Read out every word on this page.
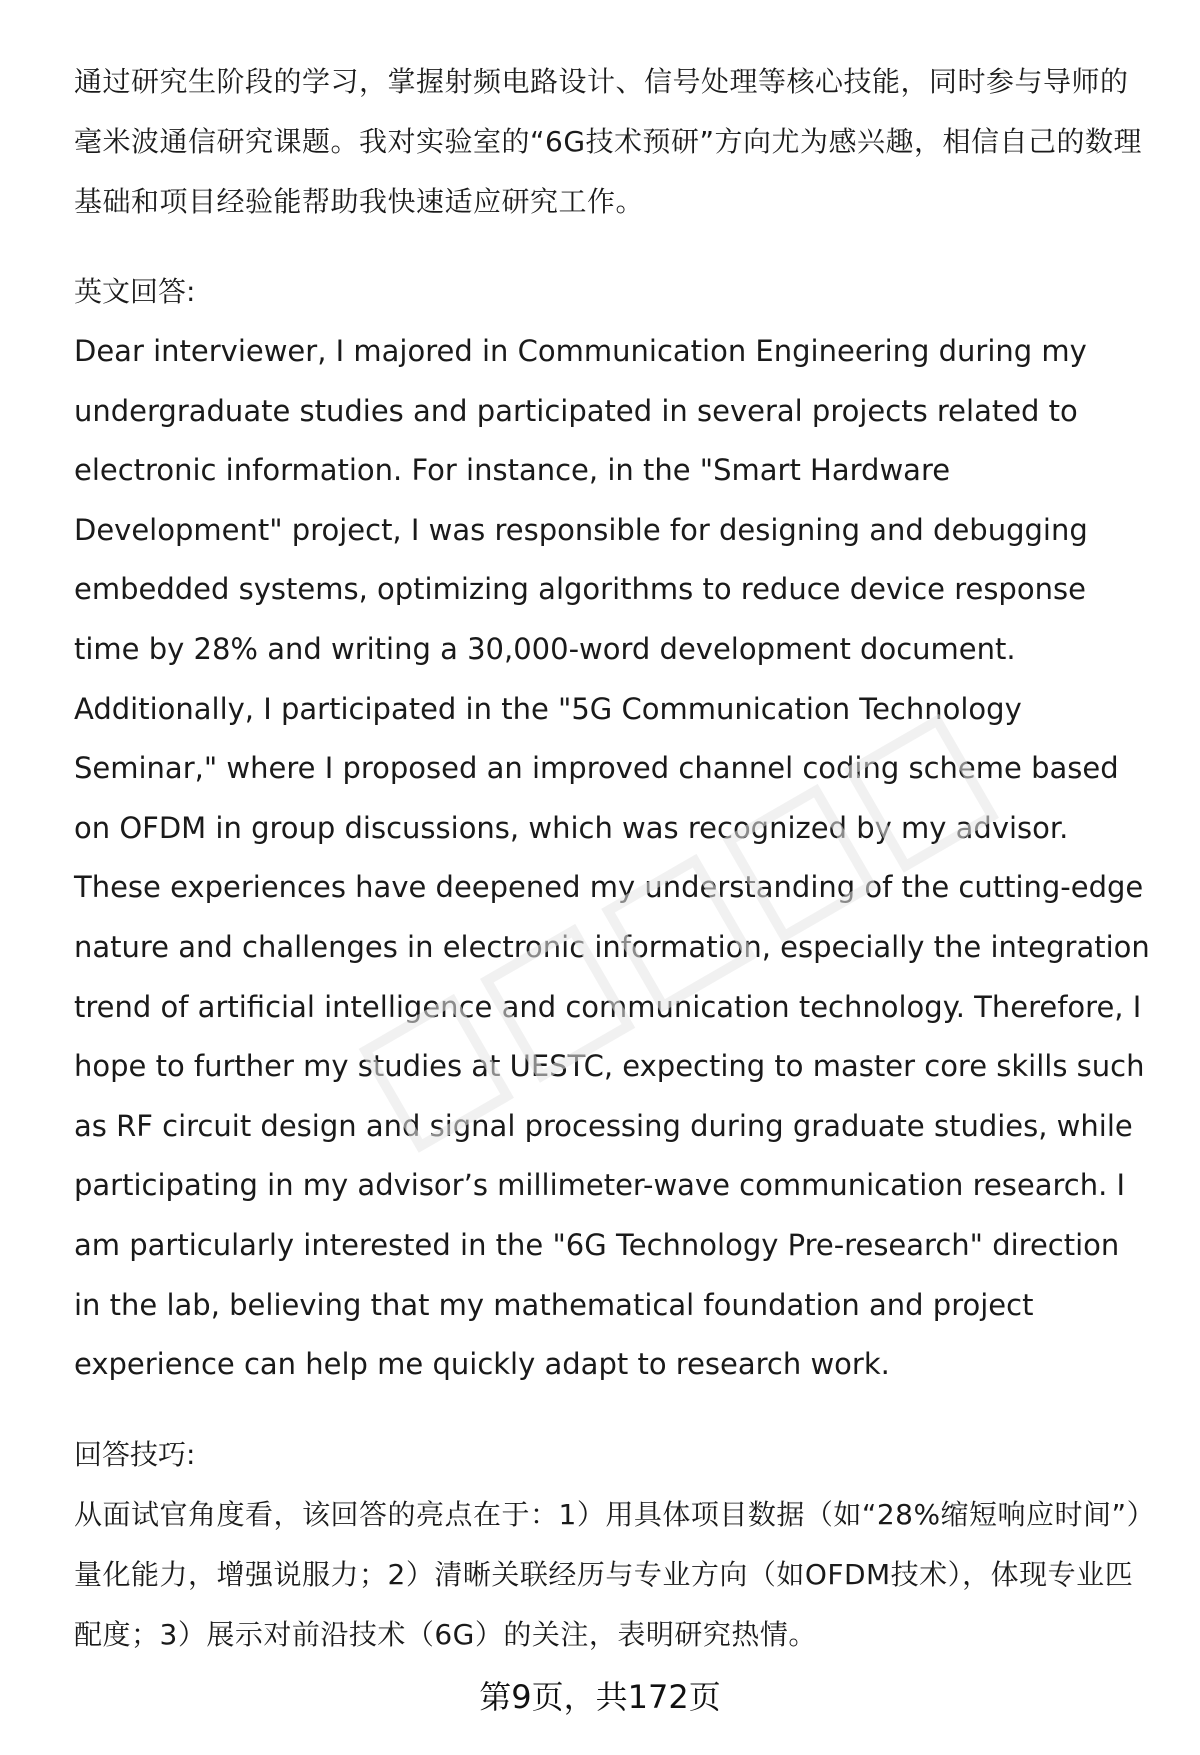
通过研究生阶段的学习，掌握射频电路设计、信号处理等核心技能，同时参与导师的毫米波通信研究课题。我对实验室的“6G技术预研”方向尤为感兴趣，相信自己的数理基础和项目经验能帮助我快速适应研究工作。

英文回答:

Dear interviewer, I majored in Communication Engineering during my undergraduate studies and participated in several projects related to electronic information. For instance, in the "Smart Hardware Development" project, I was responsible for designing and debugging embedded systems, optimizing algorithms to reduce device response time by 28% and writing a 30,000-word development document. Additionally, I participated in the "5G Communication Technology Seminar," where I proposed an improved channel coding scheme based on OFDM in group discussions, which was recognized by my advisor. These experiences have deepened my understanding of the cutting-edge nature and challenges in electronic information, especially the integration trend of artificial intelligence and communication technology. Therefore, I hope to further my studies at UESTC, expecting to master core skills such as RF circuit design and signal processing during graduate studies, while participating in my advisor’s millimeter-wave communication research. I am particularly interested in the "6G Technology Pre-research" direction in the lab, believing that my mathematical foundation and project experience can help me quickly adapt to research work.

回答技巧:

从面试官角度看，该回答的亮点在于：1）用具体项目数据（如“28%缩短响应时间”）量化能力，增强说服力；2）清晰关联经历与专业方向（如OFDM技术），体现专业匹配度；3）展示对前沿技术（6G）的关注，表明研究热情。

第9页，共172页
